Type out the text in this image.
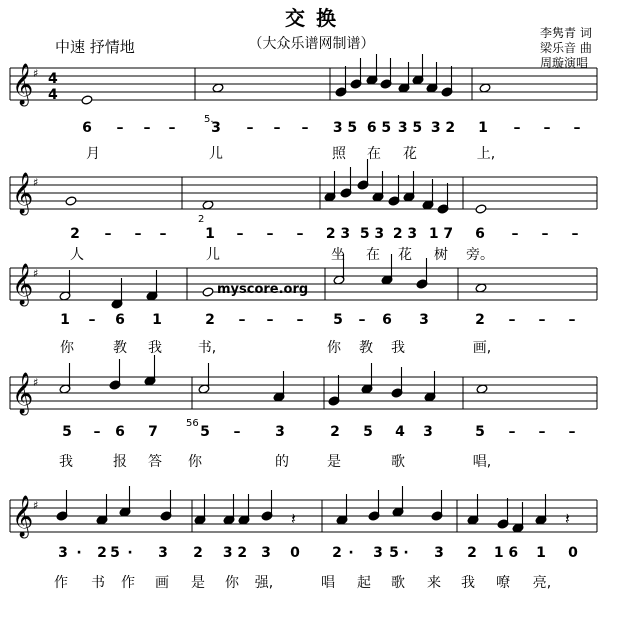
交 换
（大众乐谱网制谱）
中速 抒情地
李隽青 词
梁乐音 曲
周璇演唱
𝄞 ♯
𝄞 ♯
𝄞 ♯
𝄞 ♯
𝄞 ♯
4
4
𝄽	𝄽
6 – – –	3 – – – 3 5 6 5 3 5 3 2 1 – – –
5.
2 – – –	1 – – – 2 3 5 3 2 3 1 7 6 – – –
2
1 – 6 1	2 – – – 5 – 6 3	2 – – –
5 – 6 7	5 – 3	2 5 4 3	5 – – –
56
3 · 2 5 · 3 2 3 2 3 0 2 · 3 5 · 3 2 1 6 1 0
月	儿	照 在 花	上,
人	儿	坐 在 花 树 旁。
你	教 我	书,	你 教 我	画,
我	报 答 你	的	是	歌	唱,
作 书 作 画 是 你 强,	唱 起 歌 来 我 嘹 亮,
myscore.org
